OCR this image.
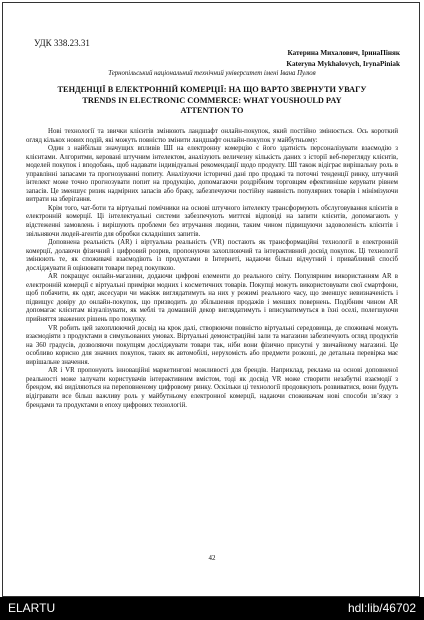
УДК 338.23.31
Катерина Михалович, ІринаПіняк
Kateryna Mykhalovych, IrynaPiniak
Тернопільський національний технічний університет імені Івана Пулюя
ТЕНДЕНЦІЇ В ЕЛЕКТРОННІЙ КОМЕРЦІЇ: НА ЩО ВАРТО ЗВЕРНУТИ УВАГУ
TRENDS IN ELECTRONIC COMMERCE: WHAT YOUSHOULD PAY
ATTENTION TO

Нові технології та звички клієнтів змінюють ландшафт онлайн-покупок, який постійно змінюється. Ось короткий огляд кількох нових подій, які можуть повністю змінити ландшафт онлайн-покупок у майбутньому:

Один з найбільш значущих впливів ШІ на електронну комерцію є його здатність персоналізувати взаємодію з клієнтами. Алгоритми, керовані штучним інтелектом, аналізують величезну кількість даних з історії веб-перегляду клієнтів, моделей покупок і вподобань, щоб надавати індивідуальні рекомендації щодо продукту. ШІ також відіграє вирішальну роль в управлінні запасами та прогнозуванні попиту. Аналізуючи історичні дані про продажі та поточні тенденції ринку, штучний інтелект може точно прогнозувати попит на продукцію, допомагаючи роздрібним торговцям ефективніше керувати рівнем запасів. Це зменшує ризик надмірних запасів або браку, забезпечуючи постійну наявність популярних товарів і мінімізуючи витрати на зберігання.

Крім того, чат-боти та віртуальні помічники на основі штучного інтелекту трансформують обслуговування клієнтів в електронній комерції. Ці інтелектуальні системи забезпечують миттєві відповіді на запити клієнтів, допомагають у відстеженні замовлень і вирішують проблеми без втручання людини, таким чином підвищуючи задоволеність клієнтів і звільняючи людей-агентів для обробки складніших запитів.

Доповнена реальність (AR) і віртуальна реальність (VR) постають як трансформаційні технології в електронній комерції, долаючи фізичний і цифровий розрив, пропонуючи захоплюючий та інтерактивний досвід покупок. Ці технології змінюють те, як споживачі взаємодіють із продуктами в Інтернеті, надаючи більш відчутний і привабливий спосіб досліджувати й оцінювати товари перед покупкою.

AR покращує онлайн-магазини, додаючи цифрові елементи до реального світу. Популярним використанням AR в електронній комерції є віртуальні примірки модних і косметичних товарів. Покупці можуть використовувати свої смартфони, щоб побачити, як одяг, аксесуари чи макіяж виглядатимуть на них у режимі реального часу, що зменшує невизначеність і підвищує довіру до онлайн-покупок, що призводить до збільшення продажів і менших повернень. Подібним чином AR допомагає клієнтам візуалізувати, як меблі та домашній декор виглядатимуть і вписуватимуться в їхні оселі, полегшуючи прийняття зважених рішень про покупку.

VR робить цей захоплюючий досвід на крок далі, створюючи повністю віртуальні середовища, де споживачі можуть взаємодіяти з продуктами в симульованих умовах. Віртуальні демонстраційні зали та магазини забезпечують огляд продуктів на 360 градусів, дозволяючи покупцям досліджувати товари так, ніби вони фізично присутні у звичайному магазині. Це особливо корисно для значних покупок, таких як автомобілі, нерухомість або предмети розкоші, де детальна перевірка має вирішальне значення.

AR і VR пропонують інноваційні маркетингові можливості для брендів. Наприклад, реклама на основі доповненої реальності може залучати користувачів інтерактивним вмістом, тоді як досвід VR може створити незабутні взаємодії з брендом, які виділяються на переповненому цифровому ринку. Оскільки ці технології продовжують розвиватися, вони будуть відігравати все більш важливу роль у майбутньому електронної комерції, надаючи споживачам нові способи зв’язку з брендами та продуктами в епоху цифрових технологій.

42
ELARTU	hdl:lib/46702
